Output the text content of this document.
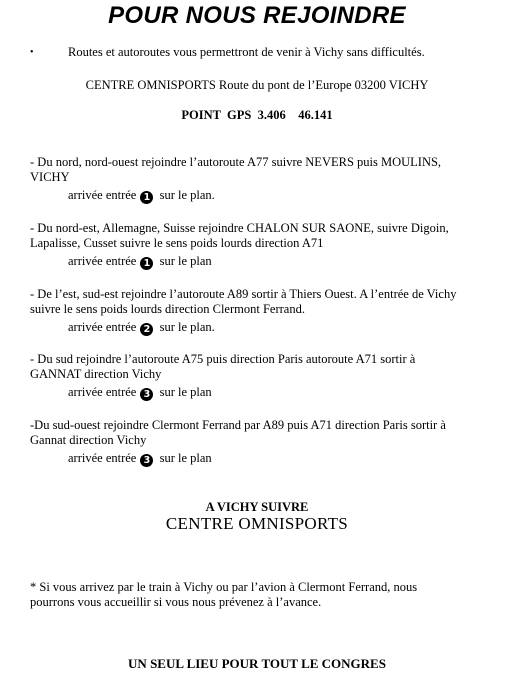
POUR NOUS REJOINDRE
•	Routes et autoroutes vous permettront de venir à Vichy sans difficultés.
CENTRE OMNISPORTS Route du pont de l’Europe 03200 VICHY
POINT  GPS  3.406    46.141
- Du nord, nord-ouest rejoindre l’autoroute A77 suivre NEVERS puis MOULINS,
VICHY
arrivée entrée 1 sur le plan.
- Du nord-est, Allemagne, Suisse rejoindre CHALON SUR SAONE, suivre Digoin,
Lapalisse, Cusset suivre le sens poids lourds direction A71
arrivée entrée 1 sur le plan
- De l’est, sud-est rejoindre l’autoroute A89 sortir à Thiers Ouest. A l’entrée de Vichy
suivre le sens poids lourds direction Clermont Ferrand.
arrivée entrée 2 sur le plan.
- Du sud rejoindre l’autoroute A75 puis direction Paris autoroute A71 sortir à
GANNAT direction Vichy
arrivée entrée 3 sur le plan
-Du sud-ouest rejoindre Clermont Ferrand par A89 puis A71 direction Paris sortir à
Gannat direction Vichy
arrivée entrée 3 sur le plan
A VICHY SUIVRE
CENTRE OMNISPORTS
* Si vous arrivez par le train à Vichy ou par l’avion à Clermont Ferrand, nous
pourrons vous accueillir si vous nous prévenez à l’avance.
UN SEUL LIEU POUR TOUT LE CONGRES
